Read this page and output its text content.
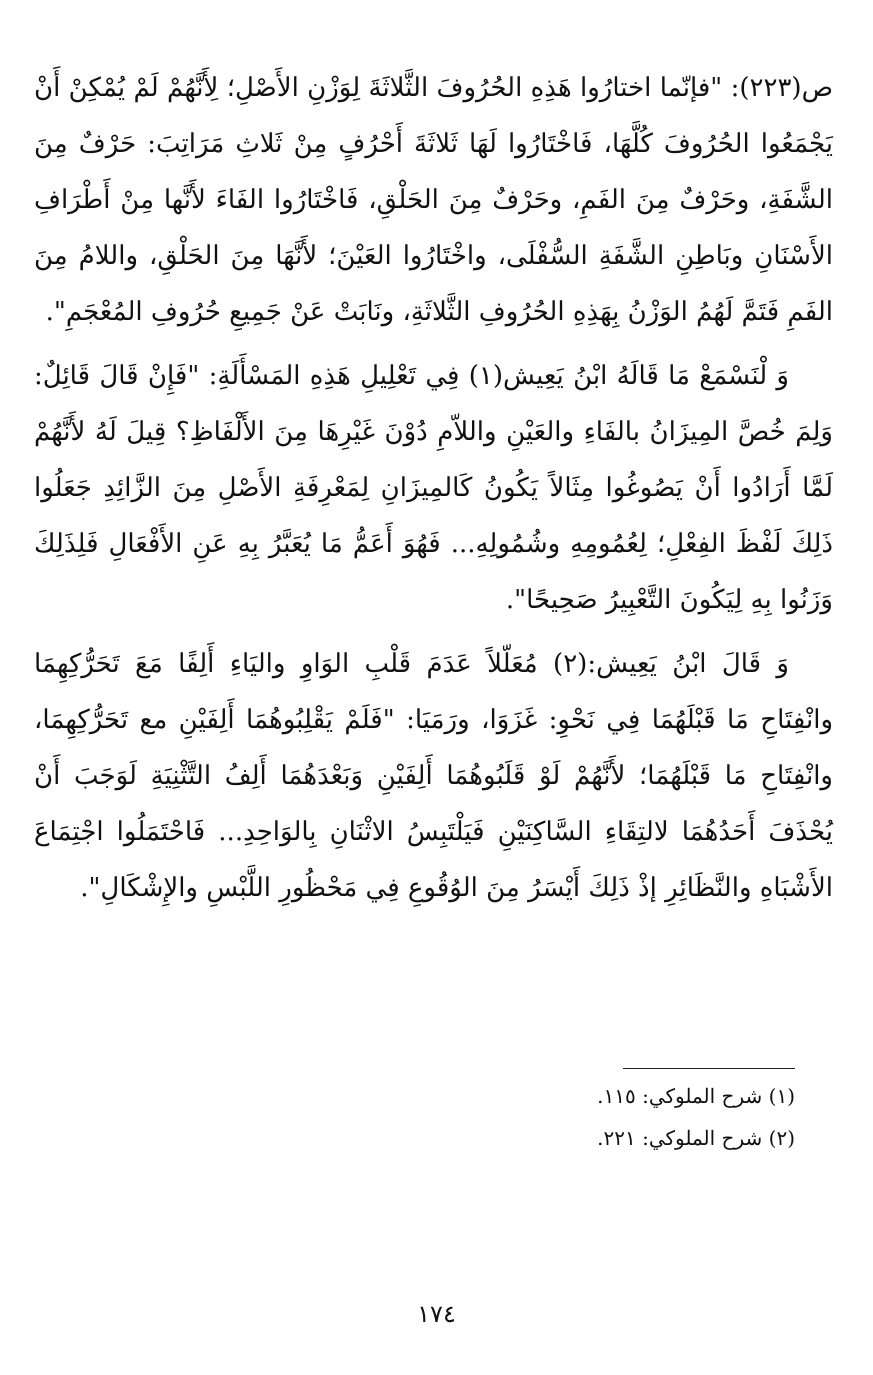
ص(٢٢٣): "فإنّما اختارُوا هَذِهِ الحُرُوفَ الثَّلاثَةَ لِوَزْنِ الأَصْلِ؛ لِأَنَّهُمْ لَمْ يُمْكِنْ أَنْ يَجْمَعُوا الحُرُوفَ كُلَّهَا، فَاخْتَارُوا لَهَا ثَلاثَةَ أَحْرُفٍ مِنْ ثَلاثِ مَرَاتِبَ: حَرْفٌ مِنَ الشَّفَةِ، وحَرْفٌ مِنَ الفَمِ، وحَرْفٌ مِنَ الحَلْقِ، فَاخْتَارُوا الفَاءَ لأَنَّها مِنْ أَطْرَافِ الأَسْنَانِ وبَاطِنِ الشَّفَةِ السُّفْلَى، واخْتَارُوا العَيْنَ؛ لأَنَّهَا مِنَ الحَلْقِ، واللامُ مِنَ الفَمِ فَتَمَّ لَهُمُ الوَزْنُ بِهَذِهِ الحُرُوفِ الثَّلاثَةِ، ونَابَتْ عَنْ جَمِيعِ حُرُوفِ المُعْجَمِ".

وَ لْنَسْمَعْ مَا قَالَهُ ابْنُ يَعِيش(١) فِي تَعْلِيلِ هَذِهِ المَسْأَلَةِ: "فَإِنْ قَالَ قَائِلٌ: وَلِمَ خُصَّ المِيزَانُ بالفَاءِ والعَيْنِ واللاّمِ دُوْنَ غَيْرِهَا مِنَ الأَلْفَاظِ؟ قِيلَ لَهُ لأَنَّهُمْ لَمَّا أَرَادُوا أَنْ يَصُوغُوا مِثَالاً يَكُونُ كَالمِيزَانِ لِمَعْرِفَةِ الأَصْلِ مِنَ الزَّائِدِ جَعَلُوا ذَلِكَ لَفْظَ الفِعْلِ؛ لِعُمُومِهِ وشُمُولِهِ... فَهُوَ أَعَمُّ مَا يُعَبَّرُ بِهِ عَنِ الأَفْعَالِ فَلِذَلِكَ وَزَنُوا بِهِ لِيَكُونَ التَّعْبِيرُ صَحِيحًا".

وَ قَالَ ابْنُ يَعِيش:(٢) مُعَلّلاً عَدَمَ قَلْبِ الوَاوِ واليَاءِ أَلِفًا مَعَ تَحَرُّكِهِمَا وانْفِتَاحِ مَا قَبْلَهُمَا فِي نَحْوِ: غَزَوَا، ورَمَيَا: "فَلَمْ يَقْلِبُوهُمَا أَلِفَيْنِ مع تَحَرُّكِهِمَا، وانْفِتَاحِ مَا قَبْلَهُمَا؛ لأَنَّهُمْ لَوْ قَلَبُوهُمَا أَلِفَيْنِ وَبَعْدَهُمَا أَلِفُ التَّثْنِيَةِ لَوَجَبَ أَنْ يُحْذَفَ أَحَدُهُمَا لالتِقَاءِ السَّاكِنَيْنِ فَيَلْتَبِسُ الاثْنَانِ بِالوَاحِدِ... فَاحْتَمَلُوا اجْتِمَاعَ الأَشْبَاهِ والنَّظَائِرِ إذْ ذَلِكَ أَيْسَرُ مِنَ الوُقُوعِ فِي مَحْظُورِ اللَّبْسِ والإِشْكَالِ".

(١) شرح الملوكي: ١١٥.

(٢) شرح الملوكي: ٢٢١.

١٧٤
